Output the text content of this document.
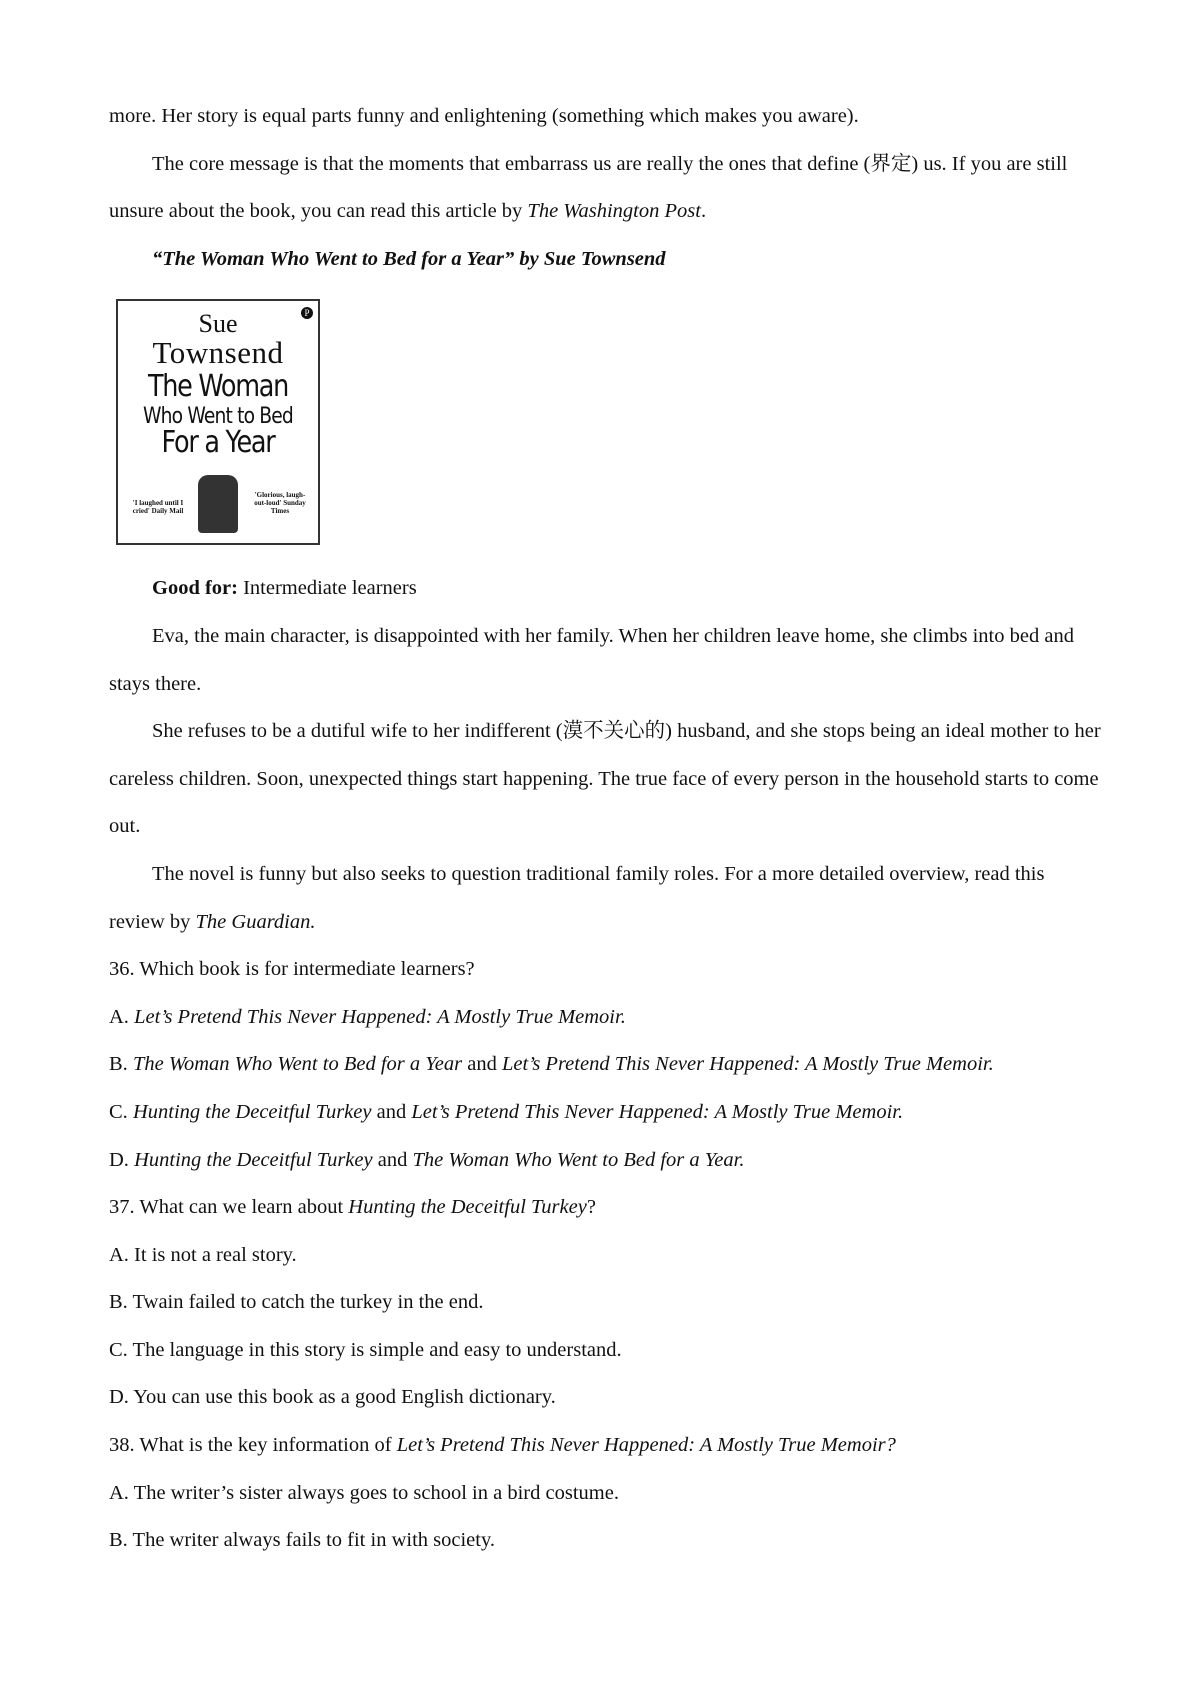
more. Her story is equal parts funny and enlightening (something which makes you aware).

The core message is that the moments that embarrass us are really the ones that define (界定) us. If you are still unsure about the book, you can read this article by The Washington Post.

“The Woman Who Went to Bed for a Year” by Sue Townsend

P
Sue
Townsend
The Woman
Who Went to Bed
For a Year
'I laughed until I cried' Daily Mail
'Glorious, laugh-out-loud' Sunday Times

Good for: Intermediate learners

Eva, the main character, is disappointed with her family. When her children leave home, she climbs into bed and stays there.

She refuses to be a dutiful wife to her indifferent (漠不关心的) husband, and she stops being an ideal mother to her careless children. Soon, unexpected things start happening. The true face of every person in the household starts to come out.

The novel is funny but also seeks to question traditional family roles. For a more detailed overview, read this review by The Guardian.

36. Which book is for intermediate learners?

A. Let’s Pretend This Never Happened: A Mostly True Memoir.

B. The Woman Who Went to Bed for a Year and Let’s Pretend This Never Happened: A Mostly True Memoir.

C. Hunting the Deceitful Turkey and Let’s Pretend This Never Happened: A Mostly True Memoir.

D. Hunting the Deceitful Turkey and The Woman Who Went to Bed for a Year.

37. What can we learn about Hunting the Deceitful Turkey?

A. It is not a real story.

B. Twain failed to catch the turkey in the end.

C. The language in this story is simple and easy to understand.

D. You can use this book as a good English dictionary.

38. What is the key information of Let’s Pretend This Never Happened: A Mostly True Memoir?

A. The writer’s sister always goes to school in a bird costume.

B. The writer always fails to fit in with society.
